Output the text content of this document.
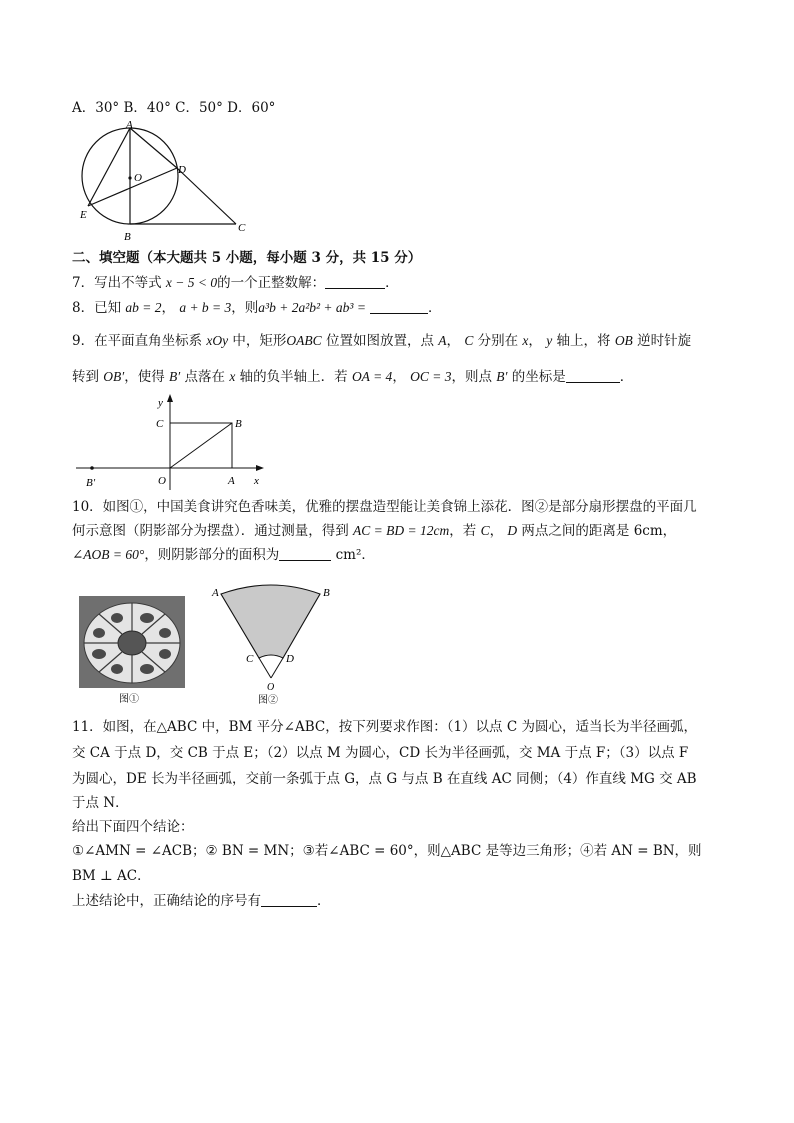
A．30° B．40° C．50° D．60°
A
O
D
E
B
C
二、填空题（本大题共 5 小题，每小题 3 分，共 15 分）
7．写出不等式 x − 5 < 0的一个正整数解：	．
8．已知 ab = 2， a + b = 3，则a³b + 2a²b² + ab³ =	．
9．在平面直角坐标系 xOy 中，矩形OABC 位置如图放置，点 A， C 分别在 x， y 轴上，将 OB 逆时针旋
转到 OB′，使得 B′ 点落在 x 轴的负半轴上．若 OA = 4， OC = 3，则点 B′ 的坐标是	．
y
x
C	B
O	A
B′
10．如图①，中国美食讲究色香味美，优雅的摆盘造型能让美食锦上添花．图②是部分扇形摆盘的平面几
何示意图（阴影部分为摆盘）．通过测量，得到 AC = BD = 12cm，若 C， D 两点之间的距离是 6cm，
∠AOB = 60°，则阴影部分的面积为	cm²．
图①
A	B
C	D
O
图②
11．如图，在△ABC 中，BM 平分∠ABC，按下列要求作图：（1）以点 C 为圆心，适当长为半径画弧，
交 CA 于点 D，交 CB 于点 E；（2）以点 M 为圆心，CD 长为半径画弧，交 MA 于点 F；（3）以点 F
为圆心，DE 长为半径画弧，交前一条弧于点 G，点 G 与点 B 在直线 AC 同侧；（4）作直线 MG 交 AB
于点 N．
给出下面四个结论：
①∠AMN = ∠ACB；② BN = MN；③若∠ABC = 60°，则△ABC 是等边三角形；④若 AN = BN，则
BM ⊥ AC．
上述结论中，正确结论的序号有	．
